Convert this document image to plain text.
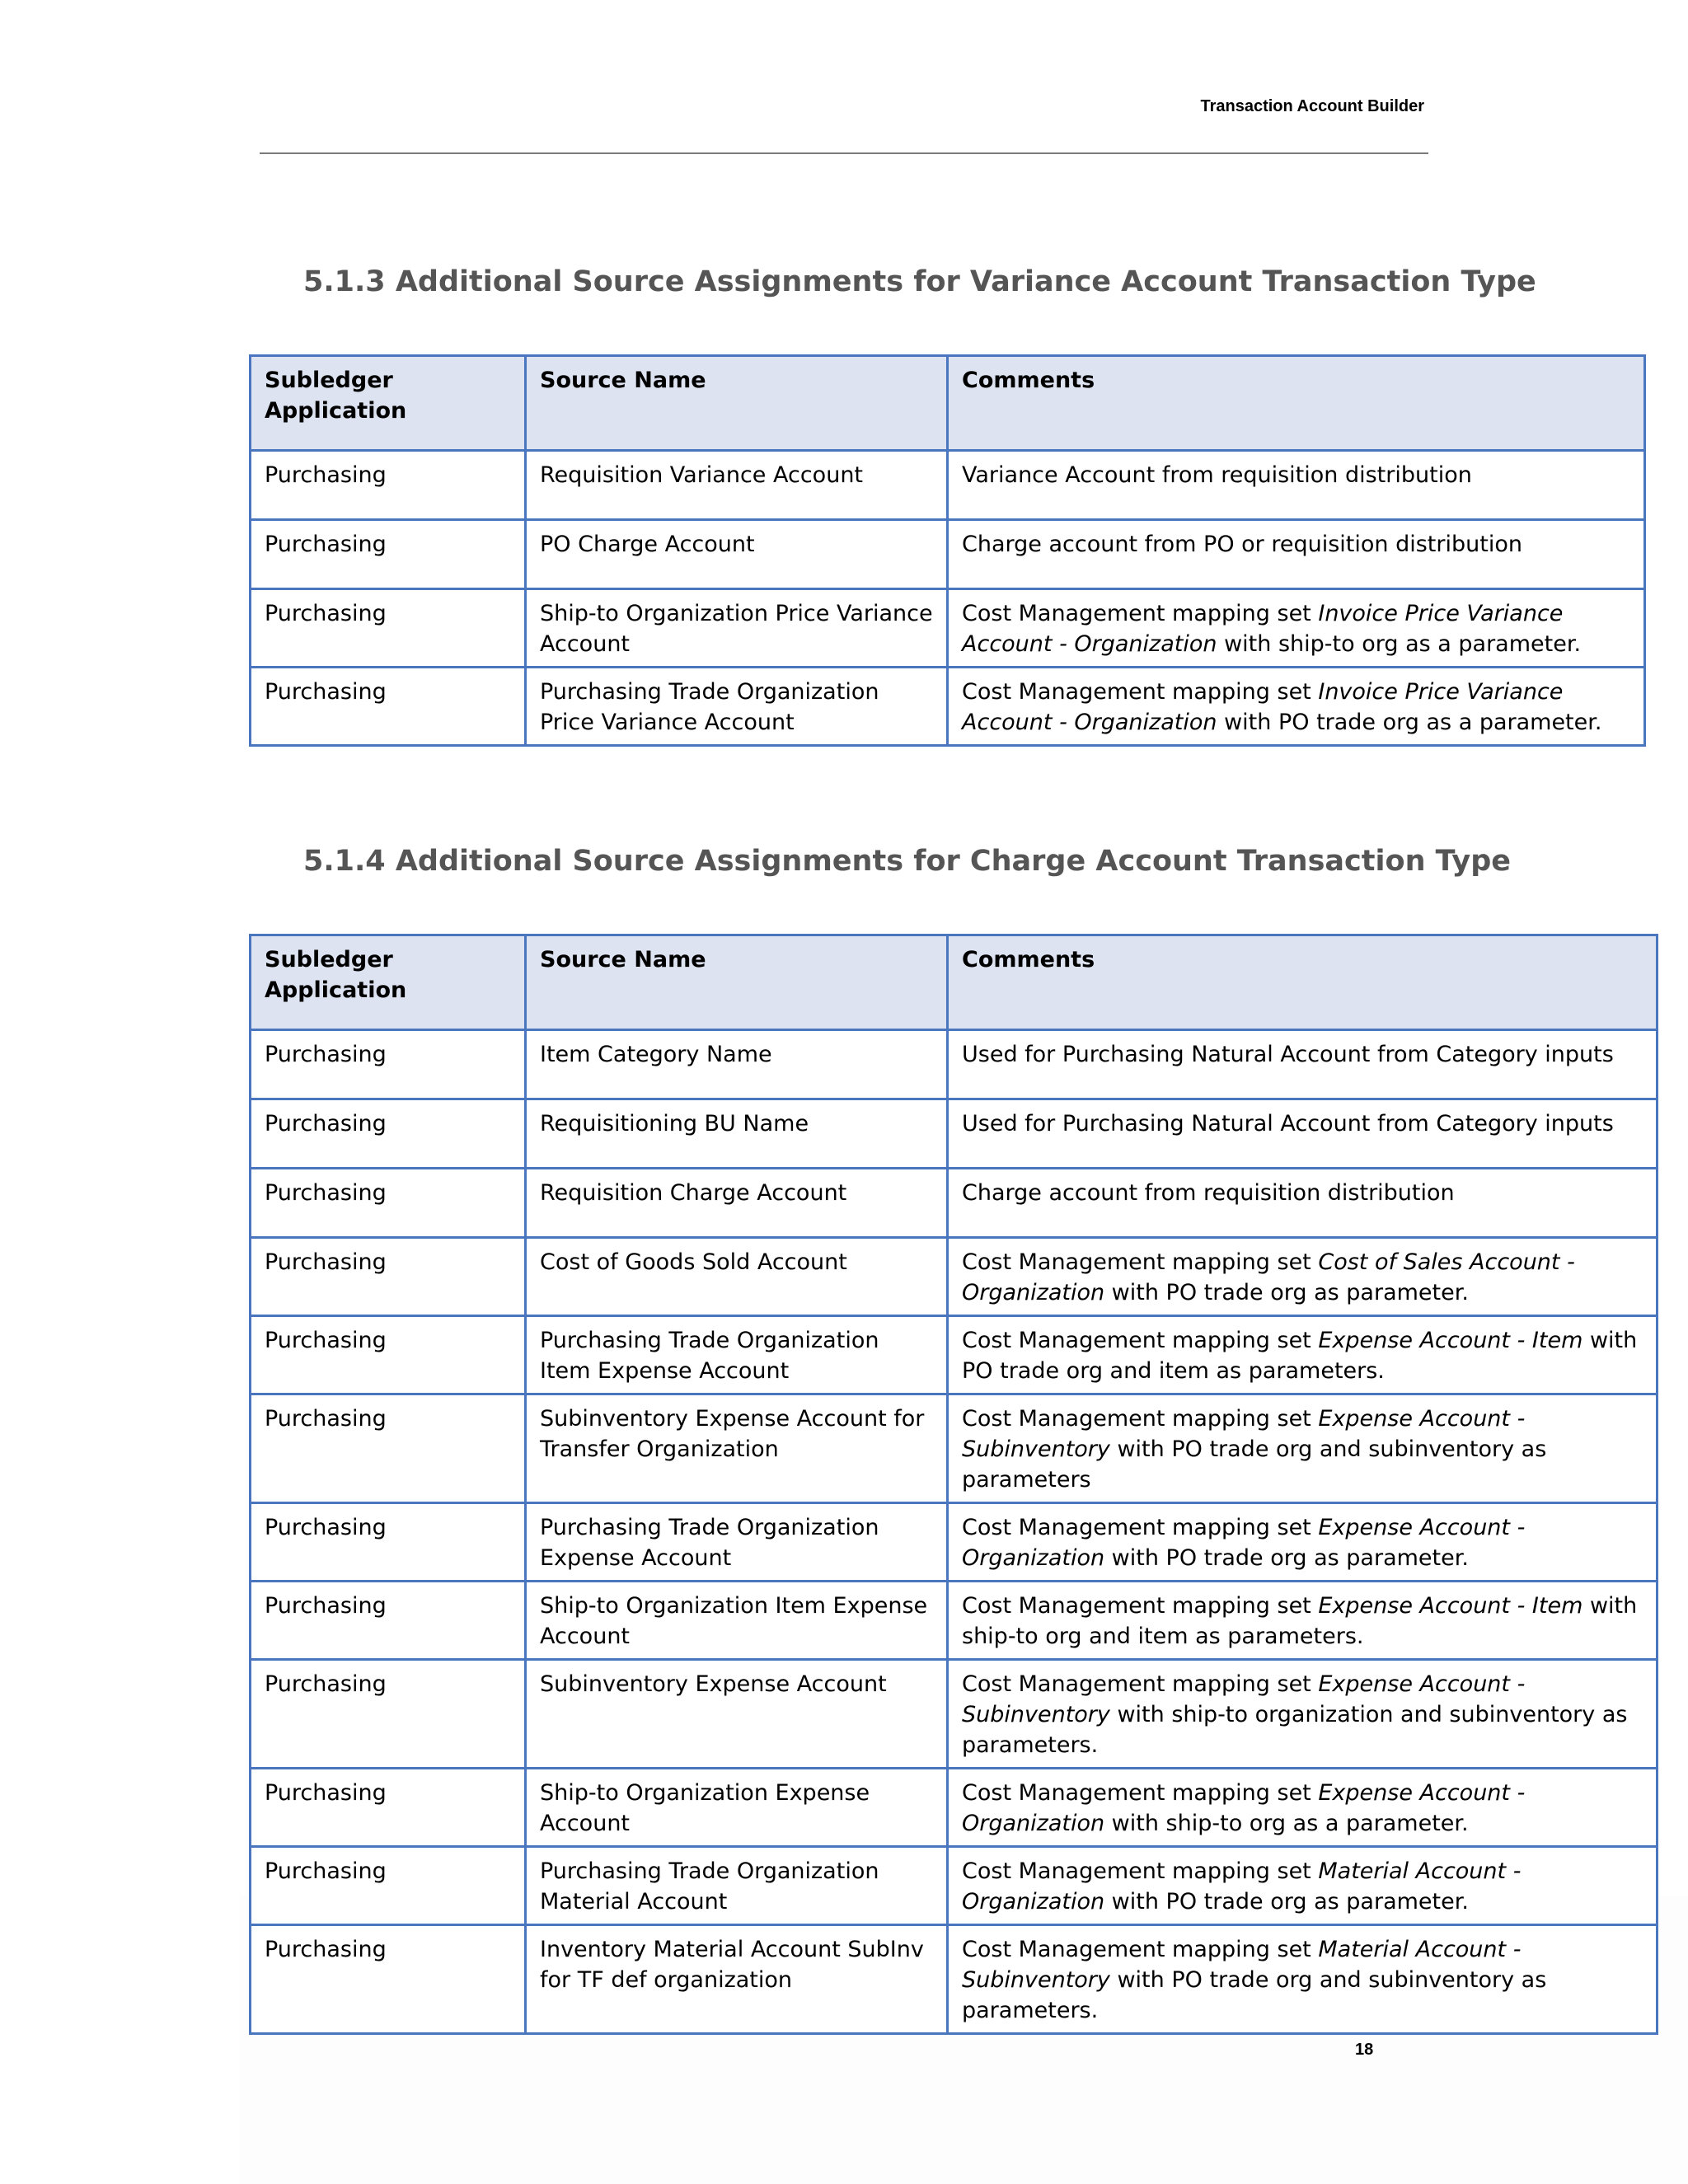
Transaction Account Builder
5.1.3 Additional Source Assignments for Variance Account Transaction Type
Subledger Application	Source Name	Comments
Purchasing	Requisition Variance Account	Variance Account from requisition distribution
Purchasing	PO Charge Account	Charge account from PO or requisition distribution
Purchasing	Ship-to Organization Price Variance Account	Cost Management mapping set Invoice Price Variance Account - Organization with ship-to org as a parameter.
Purchasing	Purchasing Trade Organization Price Variance Account	Cost Management mapping set Invoice Price Variance Account - Organization with PO trade org as a parameter.
5.1.4 Additional Source Assignments for Charge Account Transaction Type
Subledger Application	Source Name	Comments
Purchasing	Item Category Name	Used for Purchasing Natural Account from Category inputs
Purchasing	Requisitioning BU Name	Used for Purchasing Natural Account from Category inputs
Purchasing	Requisition Charge Account	Charge account from requisition distribution
Purchasing	Cost of Goods Sold Account	Cost Management mapping set Cost of Sales Account - Organization with PO trade org as parameter.
Purchasing	Purchasing Trade Organization Item Expense Account	Cost Management mapping set Expense Account - Item with PO trade org and item as parameters.
Purchasing	Subinventory Expense Account for Transfer Organization	Cost Management mapping set Expense Account - Subinventory with PO trade org and subinventory as parameters
Purchasing	Purchasing Trade Organization Expense Account	Cost Management mapping set Expense Account - Organization with PO trade org as parameter.
Purchasing	Ship-to Organization Item Expense Account	Cost Management mapping set Expense Account - Item with ship-to org and item as parameters.
Purchasing	Subinventory Expense Account	Cost Management mapping set Expense Account - Subinventory with ship-to organization and subinventory as parameters.
Purchasing	Ship-to Organization Expense Account	Cost Management mapping set Expense Account - Organization with ship-to org as a parameter.
Purchasing	Purchasing Trade Organization Material Account	Cost Management mapping set Material Account - Organization with PO trade org as parameter.
Purchasing	Inventory Material Account SubInv for TF def organization	Cost Management mapping set Material Account - Subinventory with PO trade org and subinventory as parameters.
18
